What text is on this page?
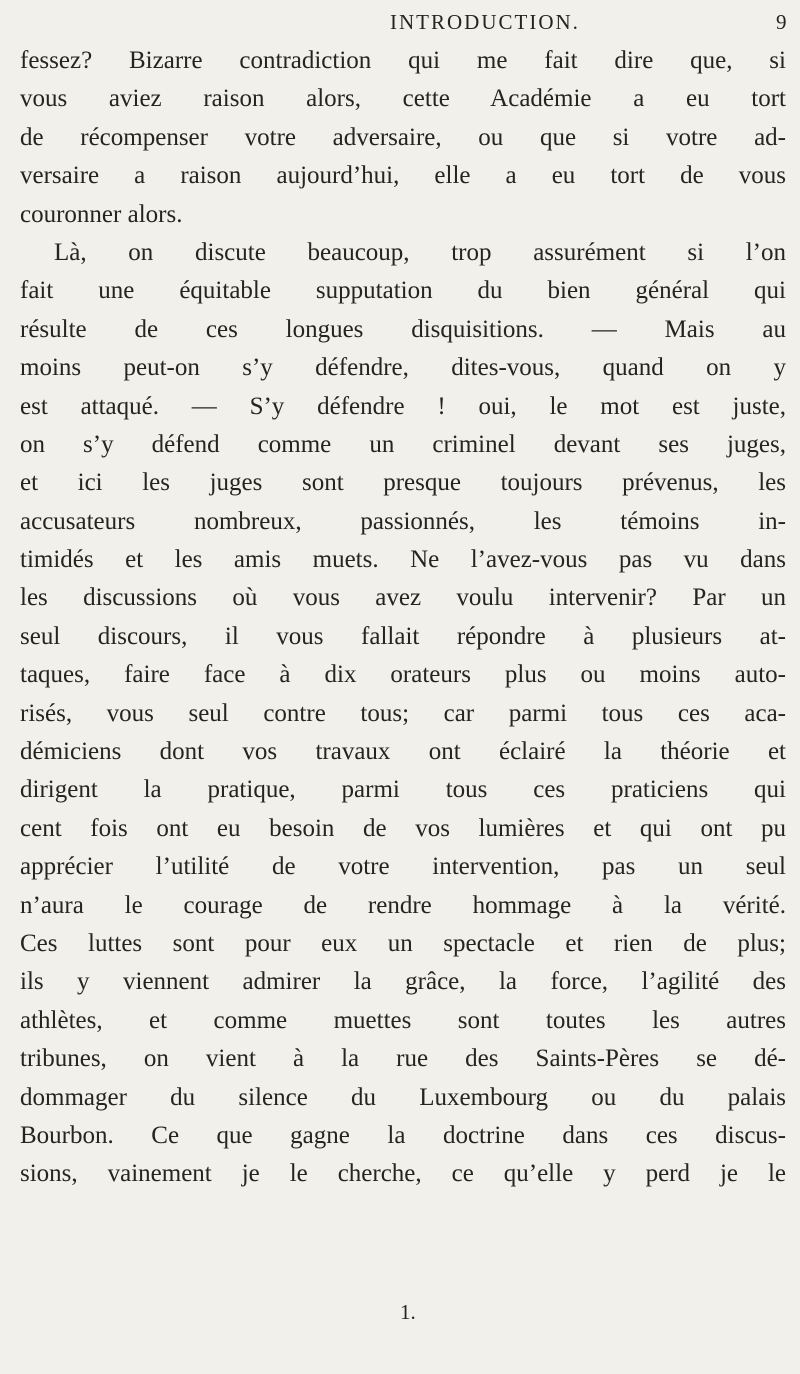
INTRODUCTION.	9
fessez? Bizarre contradiction qui me fait dire que, si
vous aviez raison alors, cette Académie a eu tort
de récompenser votre adversaire, ou que si votre ad-
versaire a raison aujourd’hui, elle a eu tort de vous
couronner alors.
Là, on discute beaucoup, trop assurément si l’on
fait une équitable supputation du bien général qui
résulte de ces longues disquisitions. — Mais au
moins peut-on s’y défendre, dites-vous, quand on y
est attaqué. — S’y défendre ! oui, le mot est juste,
on s’y défend comme un criminel devant ses juges,
et ici les juges sont presque toujours prévenus, les
accusateurs nombreux, passionnés, les témoins in-
timidés et les amis muets. Ne l’avez-vous pas vu dans
les discussions où vous avez voulu intervenir? Par un
seul discours, il vous fallait répondre à plusieurs at-
taques, faire face à dix orateurs plus ou moins auto-
risés, vous seul contre tous; car parmi tous ces aca-
démiciens dont vos travaux ont éclairé la théorie et
dirigent la pratique, parmi tous ces praticiens qui
cent fois ont eu besoin de vos lumières et qui ont pu
apprécier l’utilité de votre intervention, pas un seul
n’aura le courage de rendre hommage à la vérité.
Ces luttes sont pour eux un spectacle et rien de plus;
ils y viennent admirer la grâce, la force, l’agilité des
athlètes, et comme muettes sont toutes les autres
tribunes, on vient à la rue des Saints-Pères se dé-
dommager du silence du Luxembourg ou du palais
Bourbon. Ce que gagne la doctrine dans ces discus-
sions, vainement je le cherche, ce qu’elle y perd je le
1.
